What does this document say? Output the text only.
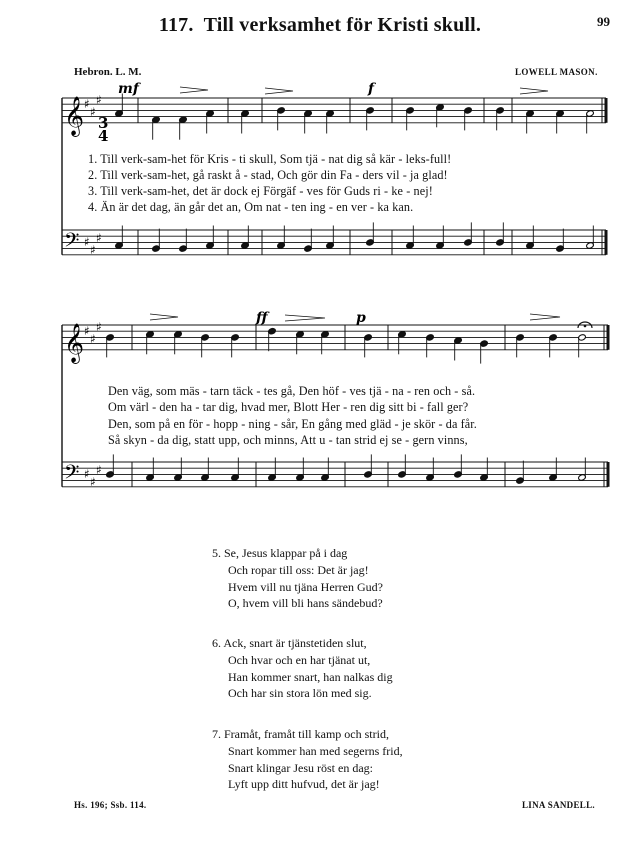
99
117. Till verksamhet för Kristi skull.
Hebron. L. M.	LOWELL MASON.
3
4
𝄞
𝄢
♯
♯
♯
♯
♯
♯
mf	f
𝄞
𝄢
♯
♯
♯
♯
♯
♯
ff	p
1. Till verk-sam-het för Kris - ti skull, Som tjä - nat dig så kär - leks-full!
2. Till verk-sam-het, gå raskt å - stad, Och gör din Fa - ders vil - ja glad!
3. Till verk-sam-het, det är dock ej Förgäf - ves för Guds ri - ke - nej!
4. Än är det dag, än går det an, Om nat - ten ing - en ver - ka kan.
Den väg, som mäs - tarn täck - tes gå, Den höf - ves tjä - na - ren och - så.
Om värl - den ha - tar dig, hvad mer, Blott Her - ren dig sitt bi - fall ger?
Den, som på en för - hopp - ning - sår, En gång med gläd - je skör - da får.
Så skyn - da dig, statt upp, och minns, Att u - tan strid ej se - gern vinns,
5. Se, Jesus klappar på i dag
Och ropar till oss: Det är jag!
Hvem vill nu tjäna Herren Gud?
O, hvem vill bli hans sändebud?
6. Ack, snart är tjänstetiden slut,
Och hvar och en har tjänat ut,
Han kommer snart, han nalkas dig
Och har sin stora lön med sig.
7. Framåt, framåt till kamp och strid,
Snart kommer han med segerns frid,
Snart klingar Jesu röst en dag:
Lyft upp ditt hufvud, det är jag!
Hs. 196; Ssb. 114.	LINA SANDELL.
